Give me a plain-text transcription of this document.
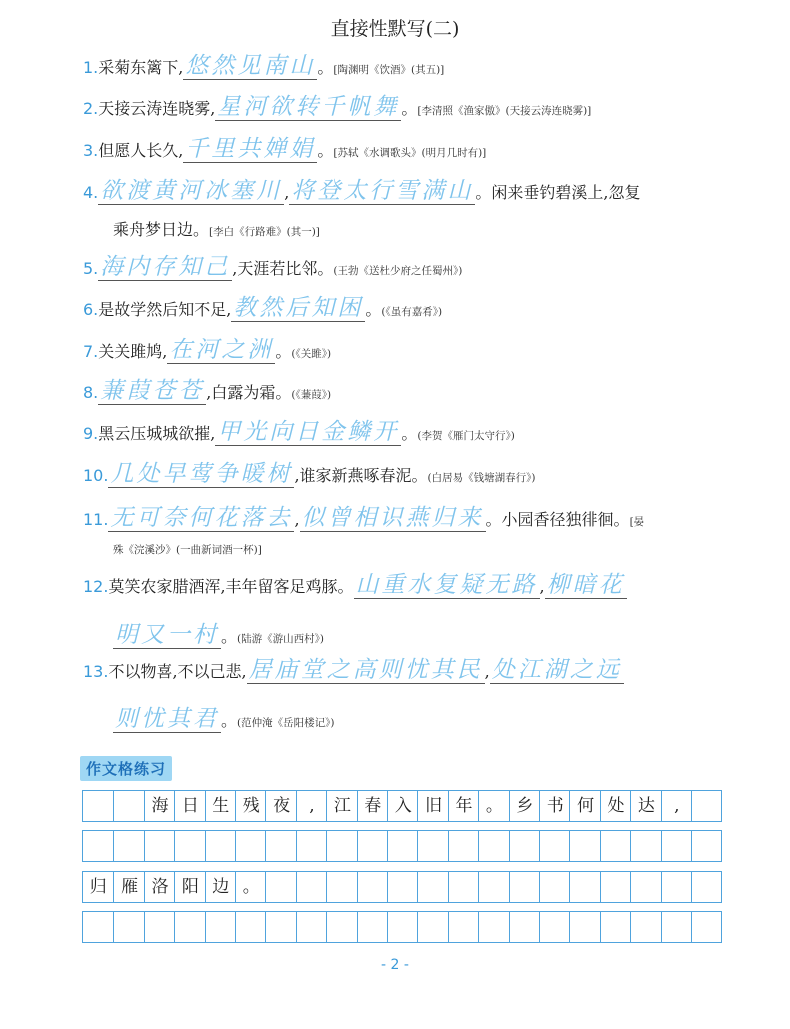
直接性默写(二)
1.采菊东篱下,悠然见南山 。[陶渊明《饮酒》(其五)]
2.天接云涛连晓雾,星河欲转千帆舞 。[李清照《渔家傲》(天接云涛连晓雾)]
3.但愿人长久,千里共婵娟 。[苏轼《水调歌头》(明月几时有)]
4.欲渡黄河冰塞川 ,将登太行雪满山 。闲来垂钓碧溪上,忽复
乘舟梦日边。[李白《行路难》(其一)]
5.海内存知己 ,天涯若比邻。(王勃《送杜少府之任蜀州》)
6.是故学然后知不足,教然后知困 。(《虽有嘉肴》)
7.关关雎鸠,在河之洲 。(《关雎》)
8.蒹葭苍苍 ,白露为霜。(《蒹葭》)
9.黑云压城城欲摧,甲光向日金鳞开 。(李贺《雁门太守行》)
10.几处早莺争暖树 ,谁家新燕啄春泥。(白居易《钱塘湖春行》)
11.无可奈何花落去 ,似曾相识燕归来 。小园香径独徘徊。[晏
殊《浣溪沙》(一曲新词酒一杯)]
12.莫笑农家腊酒浑,丰年留客足鸡豚。山重水复疑无路 ,柳暗花
明又一村 。(陆游《游山西村》)
13.不以物喜,不以己悲,居庙堂之高则忧其民 ,处江湖之远
则忧其君 。(范仲淹《岳阳楼记》)
作文格练习
海 日 生 残 夜	,	江 春 入 旧 年 。 乡 书 何 处 达	,
归 雁 洛 阳 边 。
- 2 -
